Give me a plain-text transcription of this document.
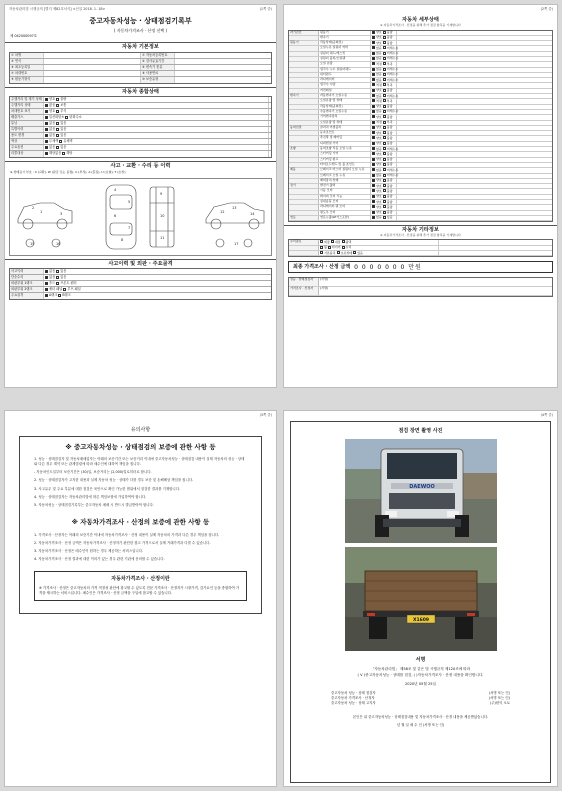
자동차관리법 시행규칙 [별지 제82호서식] <신설 2018. 1. 18>	(1쪽 중)
중고자동차성능 · 상태점검기록부
( 자동차가격조사 · 산정 선택 )
제 042000097호
자동차 기본정보
① 차명	② 자동차등록번호
③ 연식	④ 검사유효기간
⑤ 최초등록일	⑥ 변속기 종류
⑦ 차대번호	⑧ 사용연료
⑨ 원동기형식	⑩ 보증유형
자동차 종합상태
주행거리 및 계기 상태	양호 불량
주행거리 상태	많음 보통
차대번호 표기	양호 부식
배출가스	일산화탄소 탄화수소
튜닝	없음 있음
특별이력	없음 있음
용도 변경	없음 있음
색상	무채색 유채색
주요옵션	없음 있음
리콜대상	해당없음 해당
사고 · 교환 · 수리 등 이력
※ 상태표시 부호 : X (교환), W (판금 또는 용접), C (부식), A (흠집), U (요철), T (손상)
1
2
3
4
5
6
7
8
9
10
11
12
13
14
15	16	17
사고이력 및 외판 · 주요골격
사고이력	없음 있음
단순수리	없음 있음
외판부위 1랭크	후드 프론트 펜더
외판부위 2랭크	쿼터 패널 루프 패널
주요골격	A랭크 B랭크
(2쪽 중)
자동차 세부상태
※ 자동차가격조사 · 산정을 위해 추가 점검 항목을 기재합니다
자기진단	원동기	양호 불량
변속기	양호 불량
원동기	작동상태(공회전)	양호 불량
오일누유 실린더 커버	없음 미세누유
실린더 헤드/개스킷	없음 미세누유
실린더 블록/오일팬	없음 미세누유
오일 유량	적정 부족
냉각수 누수 실린더헤드	없음 미세누수
워터펌프	없음 미세누수
라디에이터	없음 미세누수
냉각수 수량	적정 부족
커먼레일	양호 불량
변속기	자동변속기 오일누유	없음 미세누유
오일유량 및 상태	적정 부족
작동상태(공회전)	양호 불량
수동변속기 오일누유	없음 미세누유
기어변속장치	양호 불량
오일유량 및 상태	적정 부족
동력전달	클러치 어셈블리	양호 불량
등속조인트	양호 불량
추진축 및 베어링	양호 불량
디퍼렌셜 기어	양호 불량
조향	동력조향 작동 오일 누유	없음 미세누유
스티어링 기어	양호 불량
스티어링 펌프	양호 불량
타이로드엔드 및 볼 조인트	양호 불량
제동	브레이크 마스터 실린더 오일 누유	없음 미세누유
브레이크 오일 누유	없음 미세누유
배력장치 상태	양호 불량
전기	발전기 출력	양호 불량
시동 모터	양호 불량
와이퍼 모터 기능	양호 불량
실내송풍 모터	양호 불량
라디에이터 팬 모터	양호 불량
윈도우 모터	양호 불량
연료	연료누출(LP가스포함)	없음 있음
자동차 기타정보
※ 자동차가격조사 · 산정을 위해 추가 점검 항목을 기재합니다
수리필요	외장 내장 광택
휠 타이어 유리
기본품목 보유상태 있음
최종 가격조사 · 산정 금액 0 0 0 0 0 0 0 만원
성능 · 상태점검자	(서명)
가격조사 · 산정자	(서명)
(3쪽 중)
유의사항
※ 중고자동차성능 · 상태점검의 보증에 관한 사항 등

1. 성능 · 상태점검자 및 자동차매매업자는 아래의 보증기간 또는 보증거리 이내에 중고자동차성능 · 상태점검 내용이 실제 자동차의 성능 · 상태와 다른 경우 계약 또는 관계법령에 따라 매수인에 대하여 책임을 집니다.

- 자동차인도일부터 보증기간은 (30)일, 보증거리는 (2,000)킬로미터로 합니다.

2. 성능 · 상태점검자가 고지한 내용과 실제 자동차 성능 · 상태가 다를 경우 보증 및 손해배상 책임을 집니다.

3. 사고유무 및 주요 부분에 대한 점검은 육안으로 확인 가능한 범위에서 점검한 결과를 기재합니다.

4. 성능 · 상태점검자는 자동차관리법에 따른 책임보험에 가입하여야 합니다.

5. 자동차성능 · 상태점검기록부는 중고자동차 매매 시 반드시 발급받아야 합니다.

※ 자동차가격조사 · 산정의 보증에 관한 사항 등

1. 가격조사 · 산정자는 아래의 보증기간 이내에 자동차가격조사 · 산정 내용이 실제 자동차의 가격과 다른 경우 책임을 집니다.

2. 자동차가격조사 · 산정 금액은 자동차가격조사 · 산정자가 판단한 참고 가격으로서 실제 거래가격과 다를 수 있습니다.

3. 자동차가격조사 · 산정은 매수인이 원하는 경우 제공하는 서비스입니다.

4. 자동차가격조사 · 산정 결과에 대한 이의가 있는 경우 관련 기관에 문의할 수 있습니다.

자동차가격조사 · 산정이란
※ 가격조사 · 산정은 중고자동차의 가격 적정성 판단에 참고할 수 있도록 전문 가격조사 · 산정자가 시장가격, 감가요인 등을 종합하여 가격을 제시하는 서비스입니다. 매수인은 가격조사 · 산정 금액을 구입에 참고할 수 있습니다.
(4쪽 중)
점검 장면 촬영 사진
DAEWOO
X1609
서명
「자동차관리법」 제58조 및 같은 법 시행규칙 제120조에 따라
( V )중고자동차성능 · 상태를 점검, ( )자동차가격조사 · 산정 내용을 확인합니다.
2020년 05월 25일
중고자동차 성능 · 상태 점검자	(서명 또는 인)
중고자동차 가격조사 · 산정자	(서명 또는 인)
중고자동차 성능 · 상태 고지자	(주)원익 오토
본인은 위 중고자동차성능 · 상태점검내용 및 자동차가격조사 · 산정 내용을 제공받았습니다.
년 월 일 매 수 인 (서명 또는 인)
